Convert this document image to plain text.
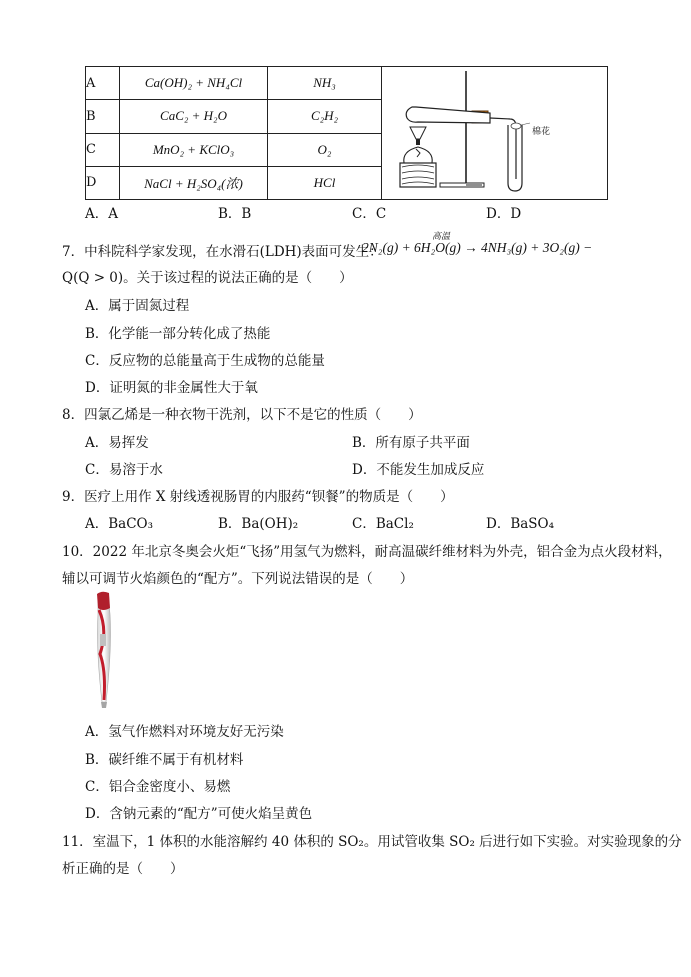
A	Ca(OH)₂ + NH₄Cl	NH₃	
B	CaC₂ + H₂O	C₂H₂	
C	MnO₂ + KClO₃	O₂	
D	NaCl + H₂SO₄(浓)	HCl	
棉花
A．A	B．B	C．C	D．D
7．中科院科学家发现，在水滑石(LDH)表面可发生：
高温
2N₂(g) + 6H₂O(g) → 4NH₃(g) + 3O₂(g) −
Q(Q > 0)。关于该过程的说法正确的是（　　）
A．属于固氮过程
B．化学能一部分转化成了热能
C．反应物的总能量高于生成物的总能量
D．证明氮的非金属性大于氧
8．四氯乙烯是一种衣物干洗剂，以下不是它的性质（　　）
A．易挥发	B．所有原子共平面
C．易溶于水	D．不能发生加成反应
9．医疗上用作 X 射线透视肠胃的内服药“钡餐”的物质是（　　）
A．BaCO₃	B．Ba(OH)₂	C．BaCl₂	D．BaSO₄
10．2022 年北京冬奥会火炬“飞扬”用氢气为燃料，耐高温碳纤维材料为外壳，铝合金为点火段材料，
辅以可调节火焰颜色的“配方”。下列说法错误的是（　　）
A．氢气作燃料对环境友好无污染
B．碳纤维不属于有机材料
C．铝合金密度小、易燃
D．含钠元素的“配方”可使火焰呈黄色
11．室温下，1 体积的水能溶解约 40 体积的 SO₂。用试管收集 SO₂ 后进行如下实验。对实验现象的分
析正确的是（　　）
